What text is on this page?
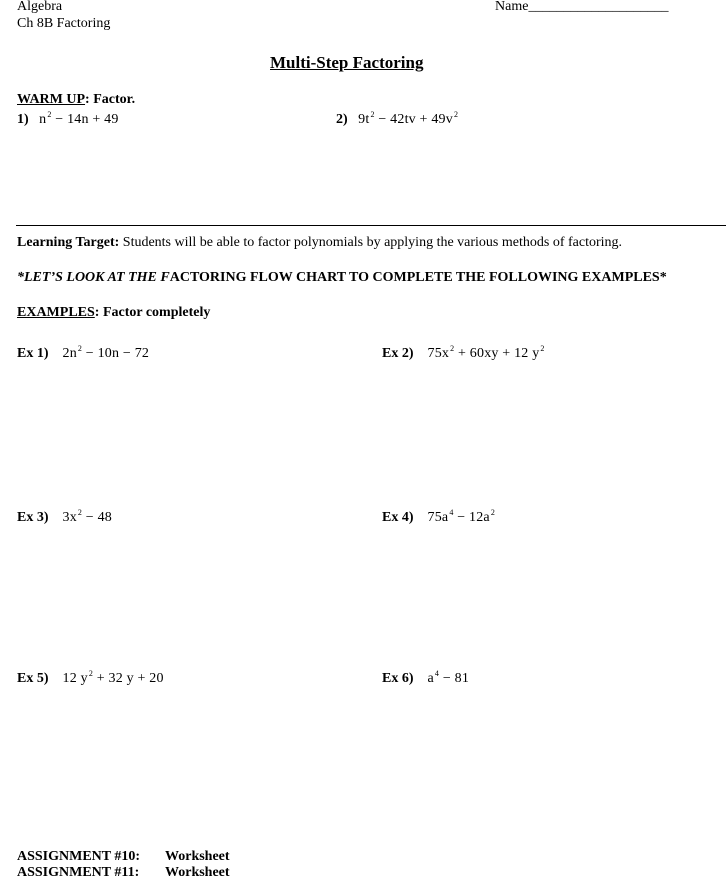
Algebra
Ch 8B Factoring
Name____________________
Multi-Step Factoring
WARM UP: Factor.
1) $n^2 - 14n + 49$	2) $9t^2 - 42tv + 49v^2$
Learning Target: Students will be able to factor polynomials by applying the various methods of factoring.
*LET’S LOOK AT THE FACTORING FLOW CHART TO COMPLETE THE FOLLOWING EXAMPLES*
EXAMPLES: Factor completely
Ex 1) $2n^2 - 10n - 72$	Ex 2) $75x^2 + 60xy + 12$ $y^2$
Ex 3) $3x^2 - 48$	Ex 4) $75a^4 - 12a^2$
Ex 5) 12 $y^2 + 32$ y + 20	Ex 6) $a^4 - 81$
ASSIGNMENT #10: Worksheet
ASSIGNMENT #11: Worksheet
